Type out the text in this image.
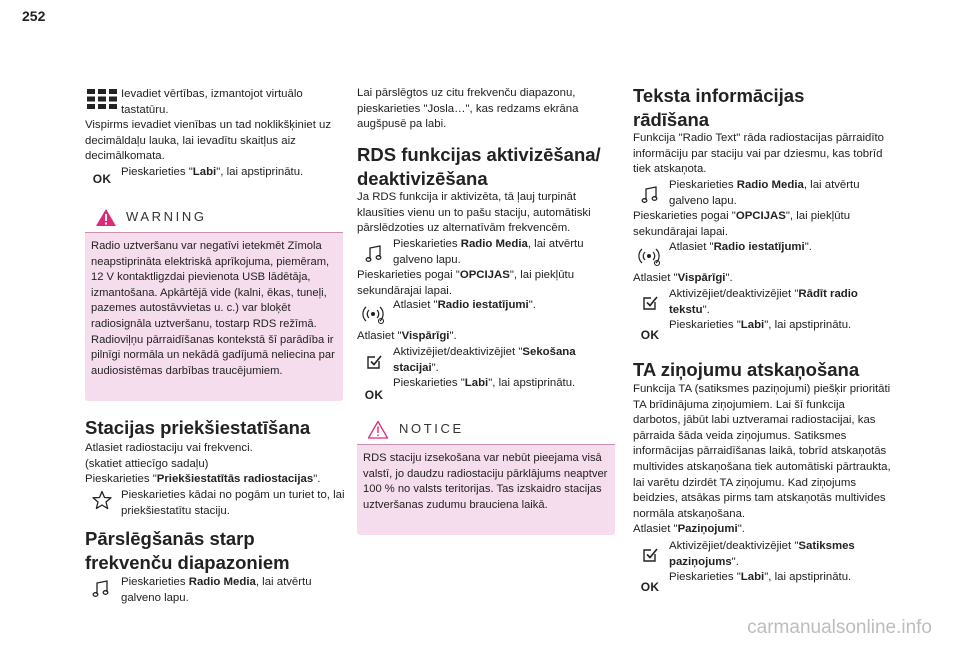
252
Ievadiet vērtības, izmantojot virtuālo tastatūru.
Vispirms ievadiet vienības un tad noklikšķiniet uz decimāldaļu lauka, lai ievadītu skaitļus aiz decimālkomata.
OK Pieskarieties "Labi", lai apstiprinātu.
WARNING
Radio uztveršanu var negatīvi ietekmēt Zīmola neapstiprināta elektriskā aprīkojuma, piemēram, 12 V kontaktligzdai pievienota USB lādētāja, izmantošana. Apkārtējā vide (kalni, ēkas, tuneļi, pazemes autostāvvietas u. c.) var bloķēt radiosignāla uztveršanu, tostarp RDS režīmā. Radioviļņu pārraidīšanas kontekstā šī parādība ir pilnīgi normāla un nekādā gadījumā neliecina par audiosistēmas darbības traucējumiem.
Stacijas priekšiestatīšana
Atlasiet radiostaciju vai frekvenci.
(skatiet attiecīgo sadaļu)
Pieskarieties "Priekšiestatītās radiostacijas".
Pieskarieties kādai no pogām un turiet to, lai priekšiestatītu staciju.
Pārslēgšanās starp
frekvenču diapazoniem
Pieskarieties Radio Media, lai atvērtu galveno lapu.
Lai pārslēgtos uz citu frekvenču diapazonu, pieskarieties "Josla…", kas redzams ekrāna augšpusē pa labi.
RDS funkcijas aktivizēšana/
deaktivizēšana
Ja RDS funkcija ir aktivizēta, tā ļauj turpināt klausīties vienu un to pašu staciju, automātiski pārslēdzoties uz alternatīvām frekvencēm.
Pieskarieties Radio Media, lai atvērtu galveno lapu.
Pieskarieties pogai "OPCIJAS", lai piekļūtu sekundārajai lapai.
Atlasiet "Radio iestatījumi".
Atlasiet "Vispārīgi".
Aktivizējiet/deaktivizējiet "Sekošana stacijai".
OK
Pieskarieties "Labi", lai apstiprinātu.
NOTICE
RDS staciju izsekošana var nebūt pieejama visā valstī, jo daudzu radiostaciju pārklājums neaptver 100 % no valsts teritorijas. Tas izskaidro stacijas uztveršanas zudumu brauciena laikā.
Teksta informācijas
rādīšana
Funkcija "Radio Text" rāda radiostacijas pārraidīto informāciju par staciju vai par dziesmu, kas tobrīd tiek atskaņota.
Pieskarieties Radio Media, lai atvērtu galveno lapu.
Pieskarieties pogai "OPCIJAS", lai piekļūtu sekundārajai lapai.
Atlasiet "Radio iestatījumi".
Atlasiet "Vispārīgi".
Aktivizējiet/deaktivizējiet "Rādīt radio tekstu".
OK
Pieskarieties "Labi", lai apstiprinātu.
TA ziņojumu atskaņošana
Funkcija TA (satiksmes paziņojumi) piešķir prioritāti TA brīdinājuma ziņojumiem. Lai šī funkcija darbotos, jābūt labi uztveramai radiostacijai, kas pārraida šāda veida ziņojumus. Satiksmes informācijas pārraidīšanas laikā, tobrīd atskaņotās multivides atskaņošana tiek automātiski pārtraukta, lai varētu dzirdēt TA ziņojumu. Kad ziņojums beidzies, atsākas pirms tam atskaņotās multivides normāla atskaņošana.
Atlasiet "Paziņojumi".
Aktivizējiet/deaktivizējiet "Satiksmes paziņojums".
OK
Pieskarieties "Labi", lai apstiprinātu.
carmanualsonline.info
